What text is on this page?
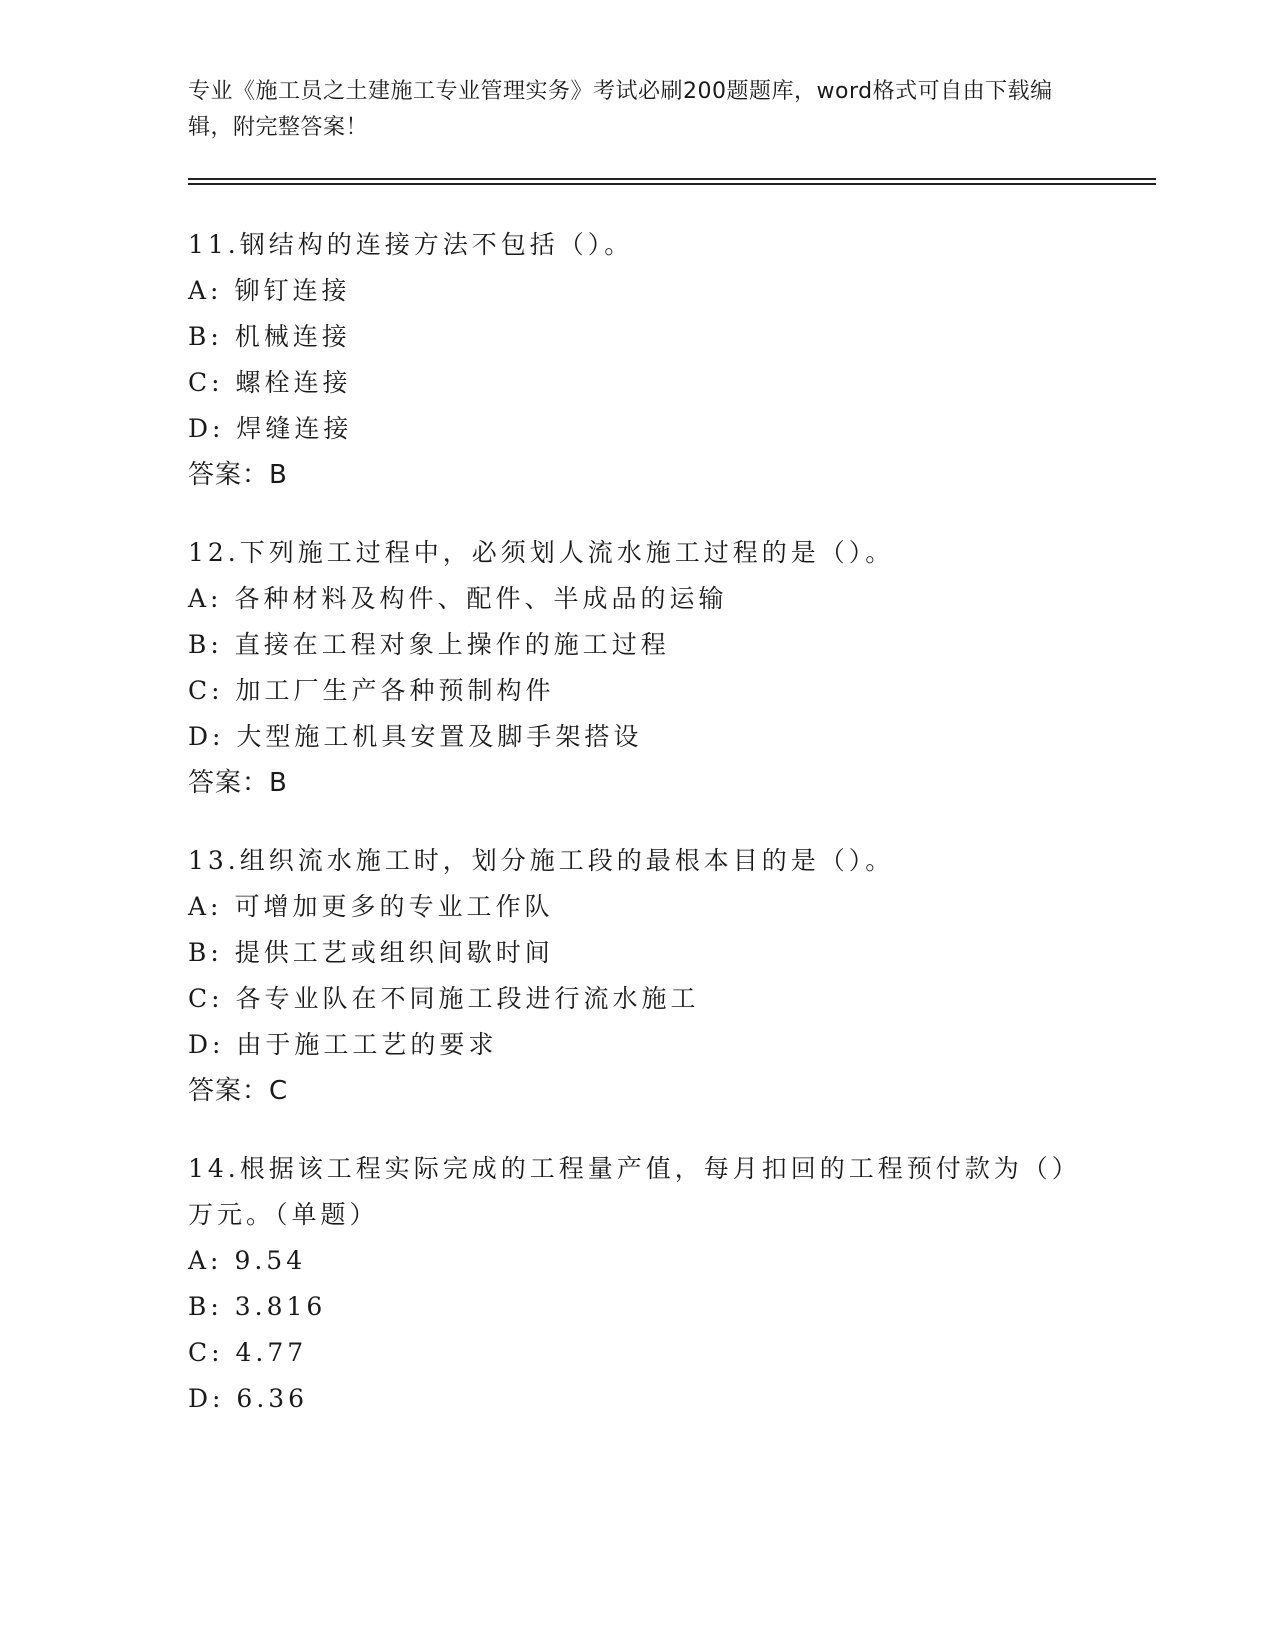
专业《施工员之土建施工专业管理实务》考试必刷200题题库，word格式可自由下载编辑，附完整答案！
11.钢结构的连接方法不包括（）。
A: 铆钉连接
B: 机械连接
C: 螺栓连接
D: 焊缝连接
答案：B
12.下列施工过程中，必须划人流水施工过程的是（）。
A: 各种材料及构件、配件、半成品的运输
B: 直接在工程对象上操作的施工过程
C: 加工厂生产各种预制构件
D: 大型施工机具安置及脚手架搭设
答案：B
13.组织流水施工时，划分施工段的最根本目的是（）。
A: 可增加更多的专业工作队
B: 提供工艺或组织间歇时间
C: 各专业队在不同施工段进行流水施工
D: 由于施工工艺的要求
答案：C
14.根据该工程实际完成的工程量产值，每月扣回的工程预付款为（）
万元。（单题）
A: 9.54
B: 3.816
C: 4.77
D: 6.36
